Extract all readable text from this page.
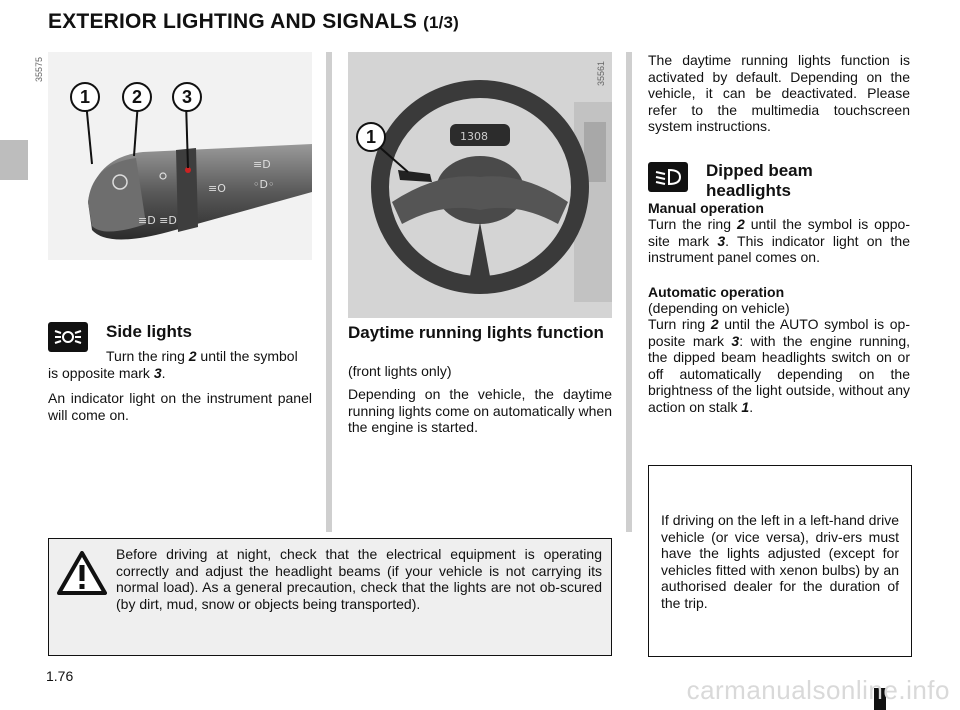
EXTERIOR LIGHTING AND SIGNALS (1/3)
≡D ≡D
≡O
≡D
◦D◦
1	2	3
35575
1308
1
35561
Side lights
Turn the ring 2 until the symbol
is opposite mark 3.
An indicator light on the instrument panel will come on.
Daytime running lights function
(front lights only)
Depending on the vehicle, the daytime running lights come on automatically when the engine is started.
The daytime running lights function is activated by default. Depending on the vehicle, it can be deactivated. Please refer to the multimedia touchscreen system instructions.
Dipped beam headlights
Manual operation
Turn the ring 2 until the symbol is oppo-site mark 3. This indicator light on the instrument panel comes on.
Automatic operation
(depending on vehicle)
Turn ring 2 until the AUTO symbol is op-posite mark 3: with the engine running, the dipped beam headlights switch on or off automatically depending on the brightness of the light outside, without any action on stalk 1.
Before driving at night, check that the electrical equipment is operating correctly and adjust the headlight beams (if your vehicle is not carrying its normal load). As a general precaution, check that the lights are not ob-scured (by dirt, mud, snow or objects being transported).
If driving on the left in a left-hand drive vehicle (or vice versa), driv-ers must have the lights adjusted (except for vehicles fitted with xenon bulbs) by an authorised dealer for the duration of the trip.
1.76	carmanualsonline.info
